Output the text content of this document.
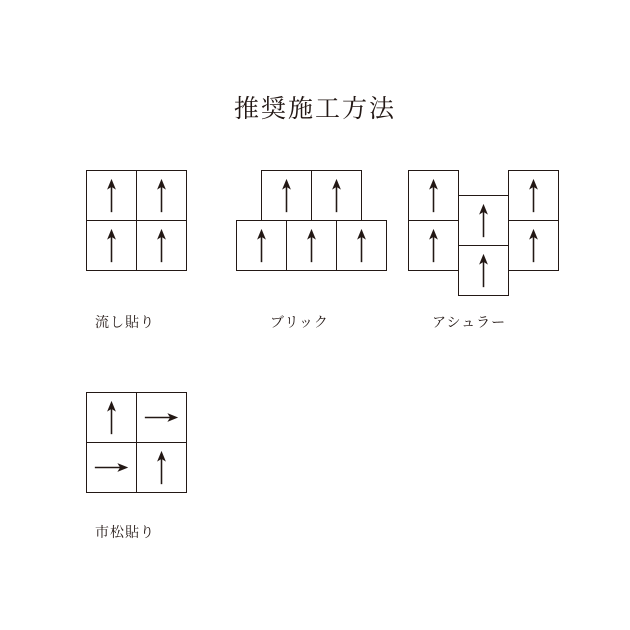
推奨施工方法
流し貼り	ブリック	アシュラー
市松貼り
